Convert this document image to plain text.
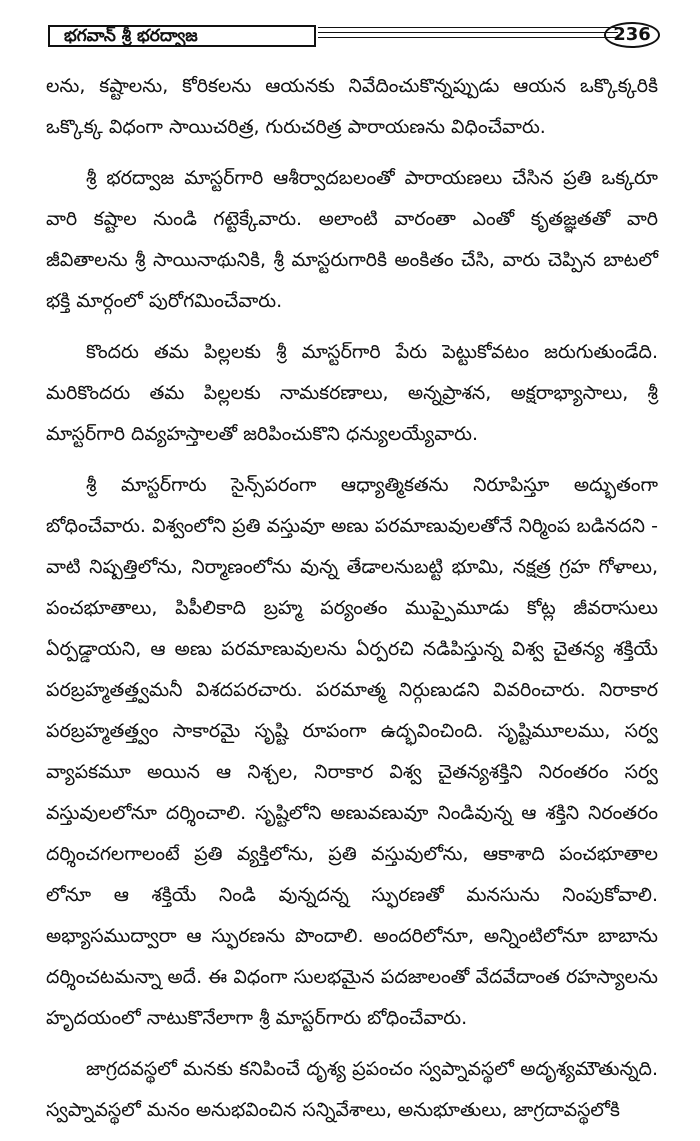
భగవాన్ శ్రీ భరద్వాజ	236

లను, కష్టాలను, కోరికలను ఆయనకు నివేదించుకొన్నప్పుడు ఆయన ఒక్కొక్కరికి ఒక్కొక్క విధంగా సాయిచరిత్ర, గురుచరిత్ర పారాయణను విధించేవారు.

శ్రీ భరద్వాజ మాస్టర్‌గారి ఆశీర్వాదబలంతో పారాయణలు చేసిన ప్రతి ఒక్కరూ వారి కష్టాల నుండి గట్టెక్కేవారు. అలాంటి వారంతా ఎంతో కృతజ్ఞతతో వారి జీవితాలను శ్రీ సాయినాథునికి, శ్రీ మాస్టరుగారికి అంకితం చేసి, వారు చెప్పిన బాటలో భక్తి మార్గంలో పురోగమించేవారు.

కొందరు తమ పిల్లలకు శ్రీ మాస్టర్‌గారి పేరు పెట్టుకోవటం జరుగుతుండేది. మరికొందరు తమ పిల్లలకు నామకరణాలు, అన్నప్రాశన, అక్షరాభ్యాసాలు, శ్రీ మాస్టర్‌గారి దివ్యహస్తాలతో జరిపించుకొని ధన్యులయ్యేవారు.

శ్రీ మాస్టర్‌గారు సైన్స్‌పరంగా ఆధ్యాత్మికతను నిరూపిస్తూ అద్భుతంగా బోధించేవారు. విశ్వంలోని ప్రతి వస్తువూ అణు పరమాణువులతోనే నిర్మింప బడినదని - వాటి నిష్పత్తిలోను, నిర్మాణంలోను వున్న తేడాలనుబట్టి భూమి, నక్షత్ర గ్రహ గోళాలు, పంచభూతాలు, పిపీలికాది బ్రహ్మ పర్యంతం ముప్పైమూడు కోట్ల జీవరాసులు ఏర్పడ్డాయని, ఆ అణు పరమాణువులను ఏర్పరచి నడిపిస్తున్న విశ్వ చైతన్య శక్తియే పరబ్రహ్మతత్త్వమనీ విశదపరచారు. పరమాత్మ నిర్గుణుడని వివరించారు. నిరాకార పరబ్రహ్మతత్త్వం సాకారమై సృష్టి రూపంగా ఉద్భవించింది. సృష్టిమూలము, సర్వ వ్యాపకమూ అయిన ఆ నిశ్చల, నిరాకార విశ్వ చైతన్యశక్తిని నిరంతరం సర్వ వస్తువులలోనూ దర్శించాలి. సృష్టిలోని అణువణువూ నిండివున్న ఆ శక్తిని నిరంతరం దర్శించగలగాలంటే ప్రతి వ్యక్తిలోను, ప్రతి వస్తువులోను, ఆకాశాది పంచభూతాల లోనూ ఆ శక్తియే నిండి వున్నదన్న స్ఫురణతో మనసును నింపుకోవాలి. అభ్యాసముద్వారా ఆ స్ఫురణను పొందాలి. అందరిలోనూ, అన్నింటిలోనూ బాబాను దర్శించటమన్నా అదే. ఈ విధంగా సులభమైన పదజాలంతో వేదవేదాంత రహస్యాలను హృదయంలో నాటుకొనేలాగా శ్రీ మాస్టర్‌గారు బోధించేవారు.

జాగ్రదవస్థలో మనకు కనిపించే దృశ్య ప్రపంచం స్వప్నావస్థలో అదృశ్యమౌతున్నది. స్వప్నావస్థలో మనం అనుభవించిన సన్నివేశాలు, అనుభూతులు, జాగ్రదావస్థలోకి
